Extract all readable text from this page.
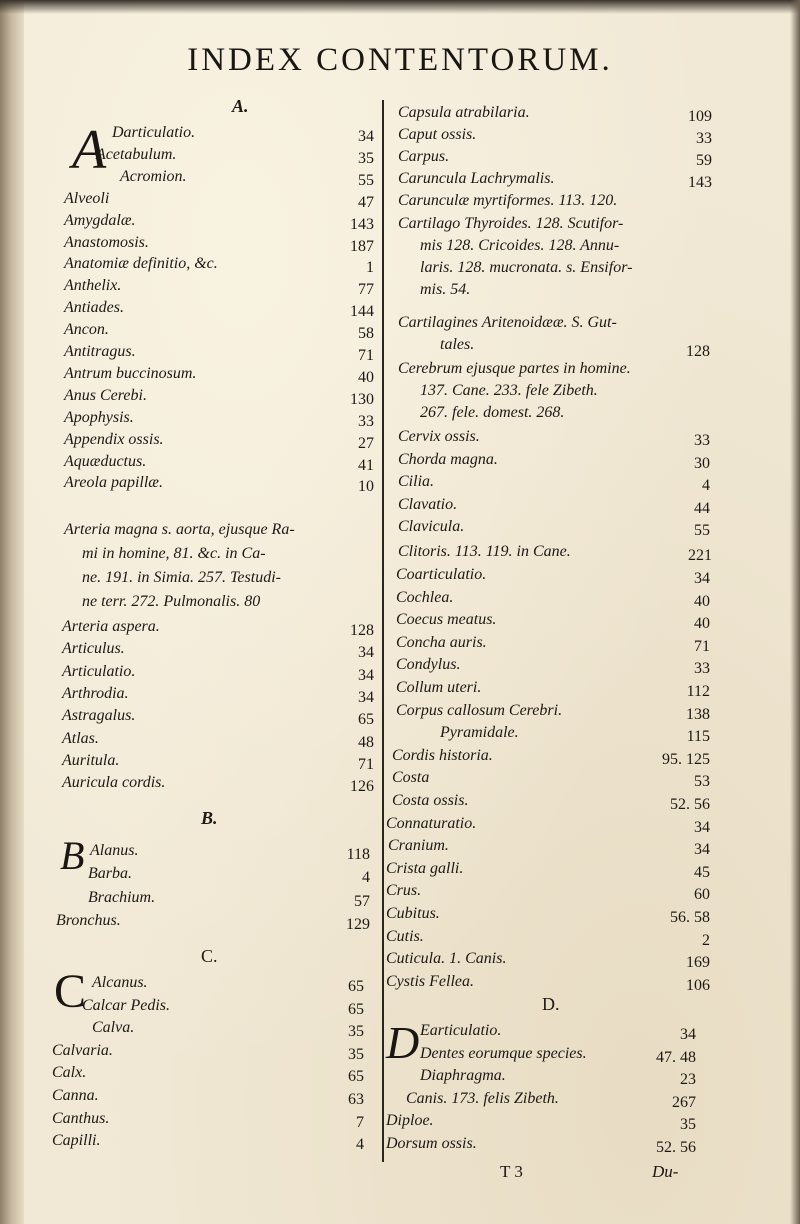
INDEX CONTENTORUM.
T 3	Du-
A.
A Darticulatio.	34
Acetabulum.	35
Acromion.	55
Alveoli	47
Amygdalæ.	143
Anastomosis.	187
Anatomiæ definitio, &c.	1
Anthelix.	77
Antiades.	144
Ancon.	58
Antitragus.	71
Antrum buccinosum.	40
Anus Cerebi.	130
Apophysis.	33
Appendix ossis.	27
Aquæductus.	41
Areola papillæ.	10
Arteria magna s. aorta, ejusque Ra-
mi in homine, 81. &c. in Ca-
ne. 191. in Simia. 257. Testudi-
ne terr. 272. Pulmonalis. 80
Arteria aspera.	128
Articulus.	34
Articulatio.	34
Arthrodia.	34
Astragalus.	65
Atlas.	48
Auritula.	71
Auricula cordis.	126
B.
B Alanus.	118
Barba.	4
Brachium.	57
Bronchus.	129
C.
C Alcanus.	65
Calcar Pedis.	65
Calva.	35
Calvaria.	35
Calx.	65
Canna.	63
Canthus.	7
Capilli.	4
Capsula atrabilaria.	109
Caput ossis.	33
Carpus.	59
Caruncula Lachrymalis.	143
Carunculæ myrtiformes. 113. 120.
Cartilago Thyroides. 128. Scutifor-
mis 128. Cricoides. 128. Annu-
laris. 128. mucronata. s. Ensifor-
mis. 54.
Cartilagines Aritenoidææ. S. Gut-
tales.	128
Cerebrum ejusque partes in homine.
137. Cane. 233. fele Zibeth.
267. fele. domest. 268.
Cervix ossis.	33
Chorda magna.	30
Cilia.	4
Clavatio.	44
Clavicula.	55
Clitoris. 113. 119. in Cane.	221
Coarticulatio.	34
Cochlea.	40
Coecus meatus.	40
Concha auris.	71
Condylus.	33
Collum uteri.	112
Corpus callosum Cerebri.	138
Pyramidale.	115
Cordis historia.	95. 125
Costa	53
Costa ossis.	52. 56
Connaturatio.	34
Cranium.	34
Crista galli.	45
Crus.	60
Cubitus.	56. 58
Cutis.	2
Cuticula. 1. Canis.	169
Cystis Fellea.	106
D.
D Earticulatio.	34
Dentes eorumque species.	47. 48
Diaphragma.	23
Canis. 173. felis Zibeth.	267
Diploe.	35
Dorsum ossis.	52. 56
